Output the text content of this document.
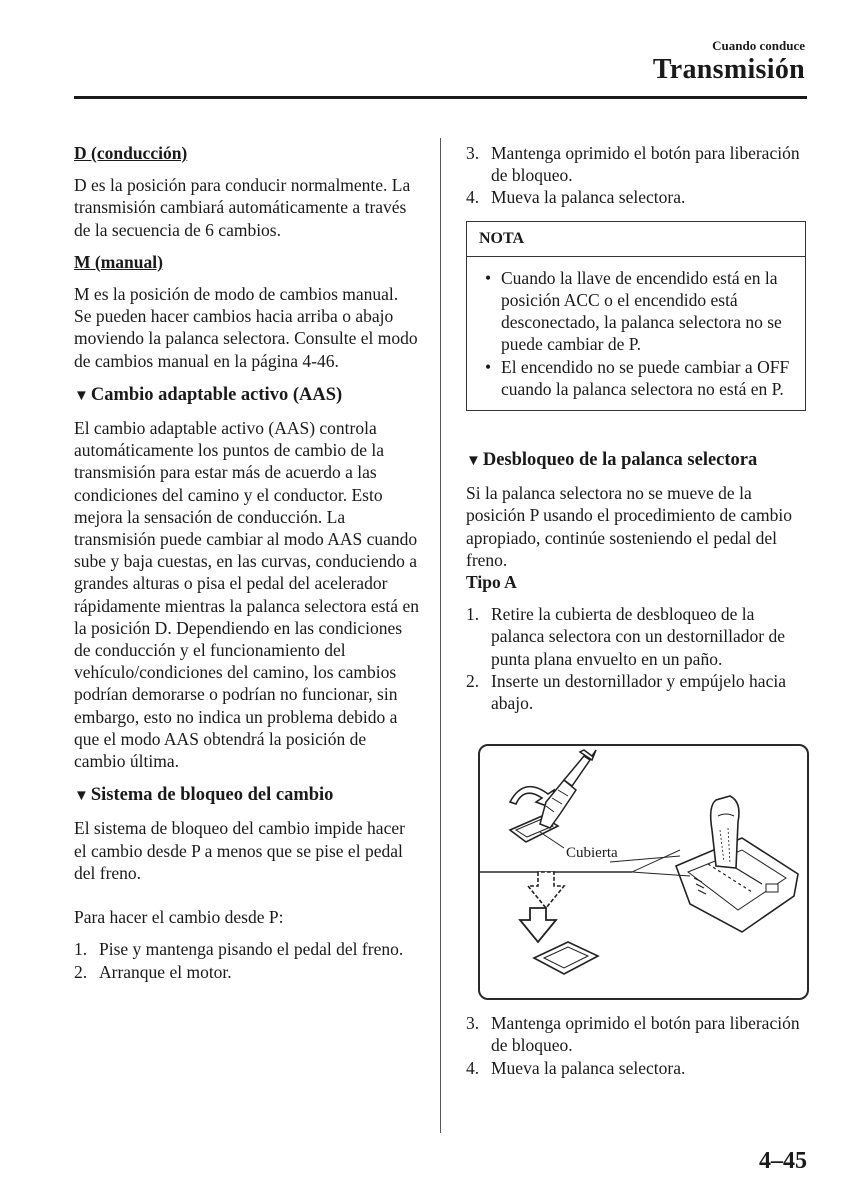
Cuando conduce
Transmisión

D (conducción)

D es la posición para conducir normalmente. La transmisión cambiará automáticamente a través de la secuencia de 6 cambios.

M (manual)

M es la posición de modo de cambios manual. Se pueden hacer cambios hacia arriba o abajo moviendo la palanca selectora. Consulte el modo de cambios manual en la página 4-46.

▼ Cambio adaptable activo (AAS)

El cambio adaptable activo (AAS) controla automáticamente los puntos de cambio de la transmisión para estar más de acuerdo a las condiciones del camino y el conductor. Esto mejora la sensación de conducción. La transmisión puede cambiar al modo AAS cuando sube y baja cuestas, en las curvas, conduciendo a grandes alturas o pisa el pedal del acelerador rápidamente mientras la palanca selectora está en la posición D. Dependiendo en las condiciones de conducción y el funcionamiento del vehículo/condiciones del camino, los cambios podrían demorarse o podrían no funcionar, sin embargo, esto no indica un problema debido a que el modo AAS obtendrá la posición de cambio última.

▼ Sistema de bloqueo del cambio

El sistema de bloqueo del cambio impide hacer el cambio desde P a menos que se pise el pedal del freno.

Para hacer el cambio desde P:

1. Pise y mantenga pisando el pedal del freno.
2. Arranque el motor.
3. Mantenga oprimido el botón para liberación de bloqueo.
4. Mueva la palanca selectora.
NOTA
• Cuando la llave de encendido está en la posición ACC o el encendido está desconectado, la palanca selectora no se puede cambiar de P.
• El encendido no se puede cambiar a OFF cuando la palanca selectora no está en P.

▼ Desbloqueo de la palanca selectora

Si la palanca selectora no se mueve de la posición P usando el procedimiento de cambio apropiado, continúe sosteniendo el pedal del freno.

Tipo A

1. Retire la cubierta de desbloqueo de la palanca selectora con un destornillador de punta plana envuelto en un paño.
2. Inserte un destornillador y empújelo hacia abajo.
Cubierta
3. Mantenga oprimido el botón para liberación de bloqueo.
4. Mueva la palanca selectora.
4–45
